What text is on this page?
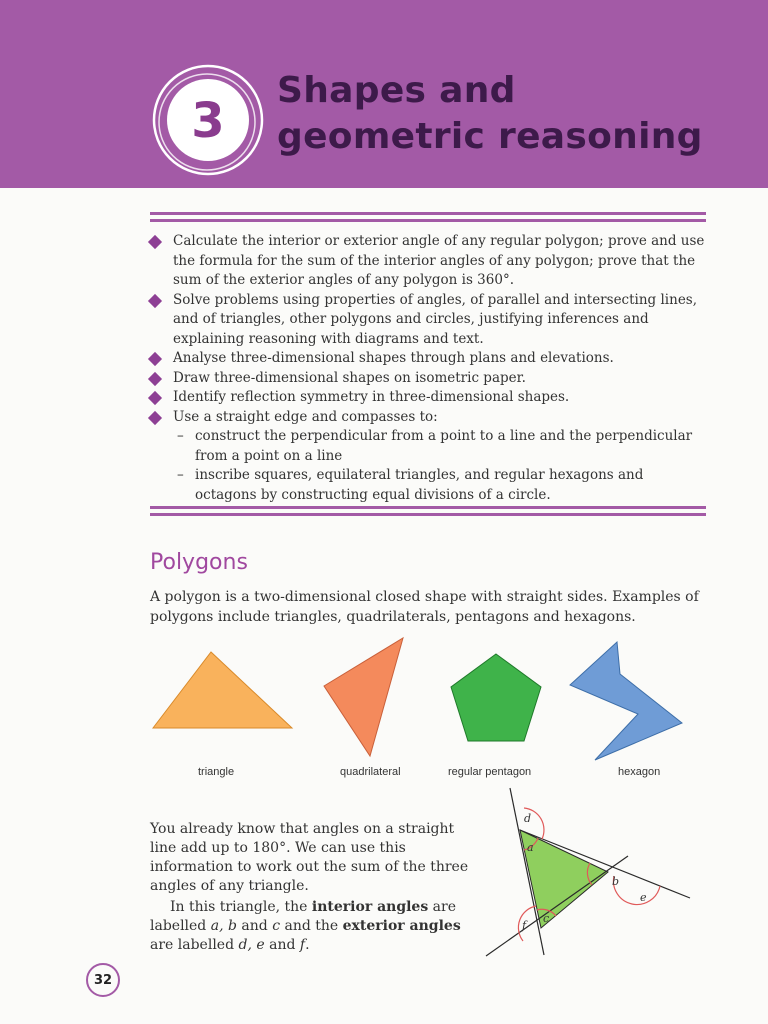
3
Shapes and
geometric reasoning
Calculate the interior or exterior angle of any regular polygon; prove and use the formula for the sum of the interior angles of any polygon; prove that the sum of the exterior angles of any polygon is 360°.
Solve problems using properties of angles, of parallel and intersecting lines, and of triangles, other polygons and circles, justifying inferences and explaining reasoning with diagrams and text.
Analyse three-dimensional shapes through plans and elevations.
Draw three-dimensional shapes on isometric paper.
Identify reflection symmetry in three-dimensional shapes.
Use a straight edge and compasses to:
– construct the perpendicular from a point to a line and the perpendicular from a point on a line
– inscribe squares, equilateral triangles, and regular hexagons and octagons by constructing equal divisions of a circle.
Polygons

A polygon is a two-dimensional closed shape with straight sides. Examples of polygons include triangles, quadrilaterals, pentagons and hexagons.

triangle	quadrilateral	regular pentagon	hexagon

You already know that angles on a straight line add up to 180°. We can use this information to work out the sum of the three angles of any triangle.

In this triangle, the interior angles are labelled a, b and c and the exterior angles are labelled d, e and f.

d
a
b
e
c
f
32
